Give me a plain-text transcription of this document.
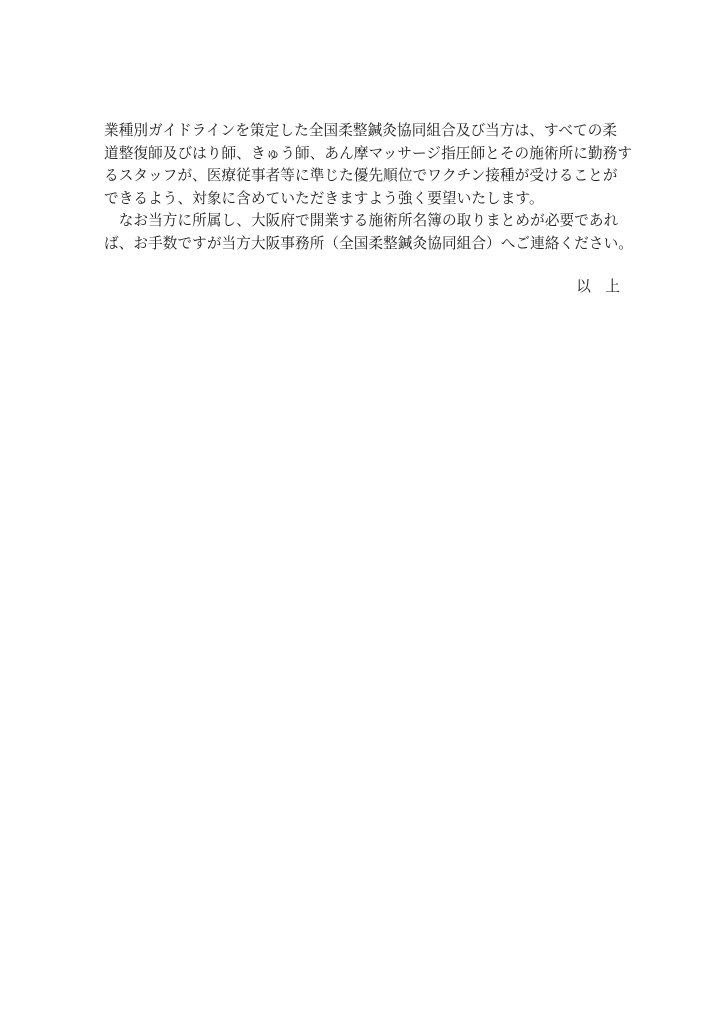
業種別ガイドラインを策定した全国柔整鍼灸協同組合及び当方は、すべての柔
道整復師及びはり師、きゅう師、あん摩マッサージ指圧師とその施術所に勤務す
るスタッフが、医療従事者等に準じた優先順位でワクチン接種が受けることが
できるよう、対象に含めていただきますよう強く要望いたします。
　なお当方に所属し、大阪府で開業する施術所名簿の取りまとめが必要であれ
ば、お手数ですが当方大阪事務所（全国柔整鍼灸協同組合）へご連絡ください。
以　上
